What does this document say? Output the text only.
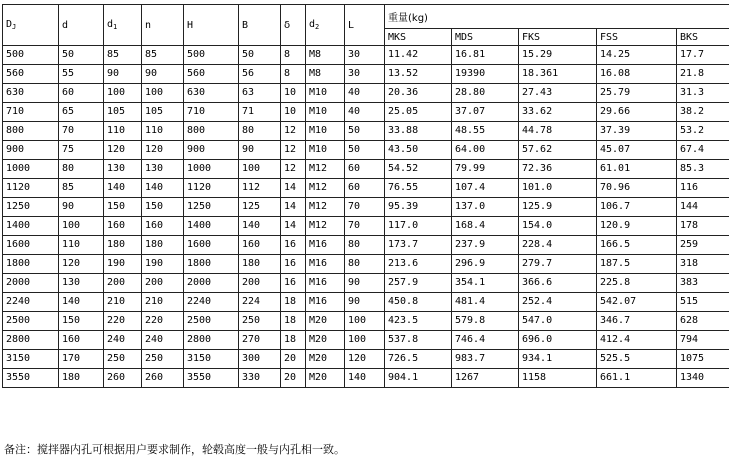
$D_J$	d	$d_1$	n	H	B	δ	$d_2$	L	重量(kg)				
									MKS	MDS	FKS	FSS	BKS
500	50	85	85	500	50	8	M8	30	11.42	16.81	15.29	14.25	17.7
560	55	90	90	560	56	8	M8	30	13.52	19390	18.361	16.08	21.8
630	60	100	100	630	63	10	M10	40	20.36	28.80	27.43	25.79	31.3
710	65	105	105	710	71	10	M10	40	25.05	37.07	33.62	29.66	38.2
800	70	110	110	800	80	12	M10	50	33.88	48.55	44.78	37.39	53.2
900	75	120	120	900	90	12	M10	50	43.50	64.00	57.62	45.07	67.4
1000	80	130	130	1000	100	12	M12	60	54.52	79.99	72.36	61.01	85.3
1120	85	140	140	1120	112	14	M12	60	76.55	107.4	101.0	70.96	116
1250	90	150	150	1250	125	14	M12	70	95.39	137.0	125.9	106.7	144
1400	100	160	160	1400	140	14	M12	70	117.0	168.4	154.0	120.9	178
1600	110	180	180	1600	160	16	M16	80	173.7	237.9	228.4	166.5	259
1800	120	190	190	1800	180	16	M16	80	213.6	296.9	279.7	187.5	318
2000	130	200	200	2000	200	16	M16	90	257.9	354.1	366.6	225.8	383
2240	140	210	210	2240	224	18	M16	90	450.8	481.4	252.4	542.07	515
2500	150	220	220	2500	250	18	M20	100	423.5	579.8	547.0	346.7	628
2800	160	240	240	2800	270	18	M20	100	537.8	746.4	696.0	412.4	794
3150	170	250	250	3150	300	20	M20	120	726.5	983.7	934.1	525.5	1075
3550	180	260	260	3550	330	20	M20	140	904.1	1267	1158	661.1	1340
备注：搅拌器内孔可根据用户要求制作，轮毂高度一般与内孔相一致。
